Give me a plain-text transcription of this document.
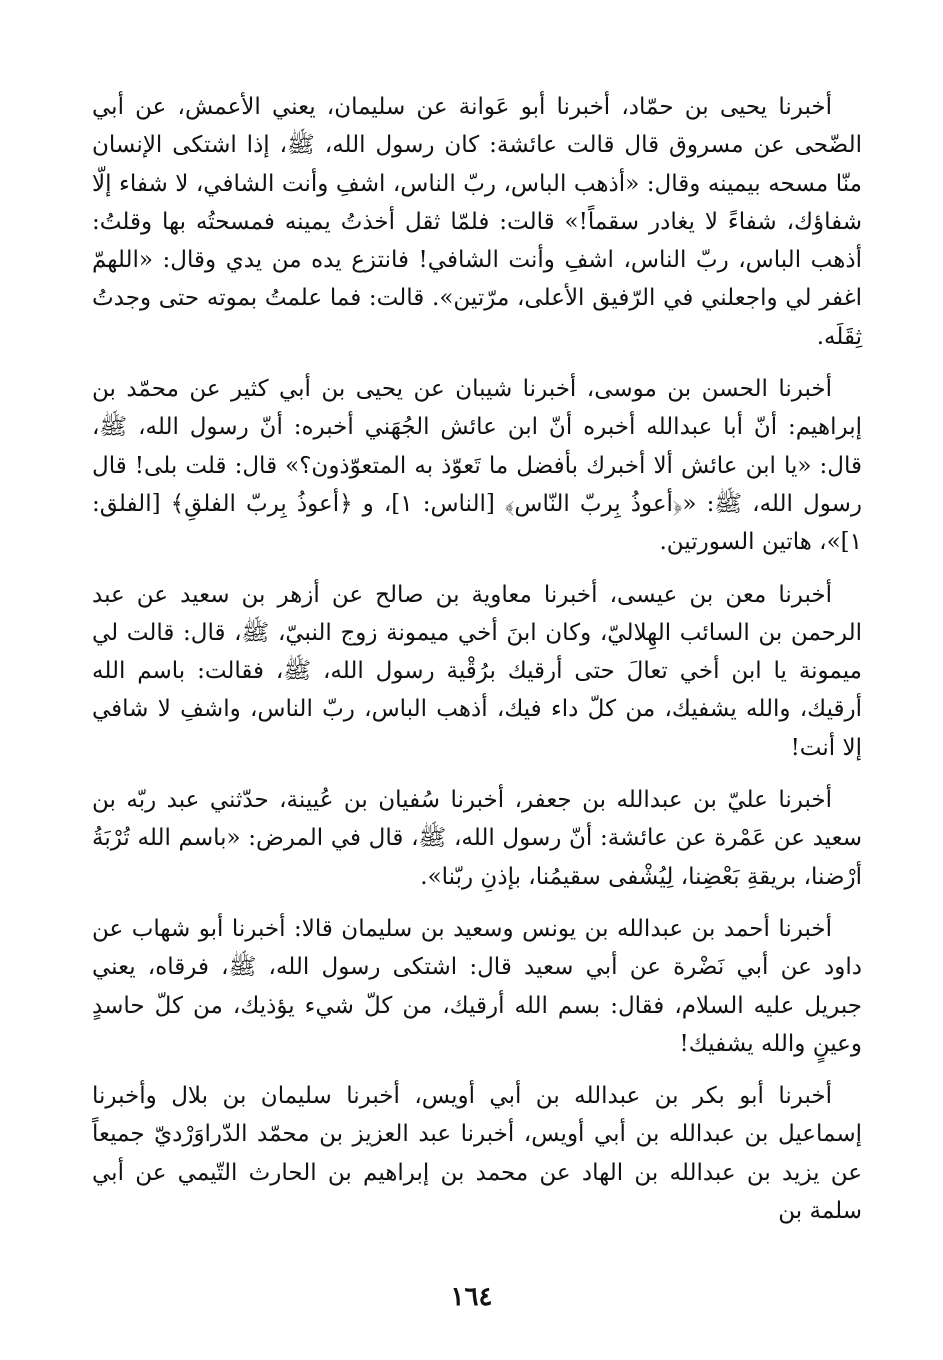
أخبرنا يحيى بن حمّاد، أخبرنا أبو عَوانة عن سليمان، يعني الأعمش، عن أبي الضّحى عن مسروق قال قالت عائشة: كان رسول الله، ﷺ، إذا اشتكى الإنسان منّا مسحه بيمينه وقال: «أذهب الباس، ربّ الناس، اشفِ وأنت الشافي، لا شفاء إلّا شفاؤك، شفاءً لا يغادر سقماً!» قالت: فلمّا ثقل أخذتُ يمينه فمسحتُه بها وقلتُ: أذهب الباس، ربّ الناس، اشفِ وأنت الشافي! فانتزع يده من يدي وقال: «اللهمّ اغفر لي واجعلني في الرّفيق الأعلى، مرّتين». قالت: فما علمتُ بموته حتى وجدتُ ثِقَلَه.

أخبرنا الحسن بن موسى، أخبرنا شيبان عن يحيى بن أبي كثير عن محمّد بن إبراهيم: أنّ أبا عبدالله أخبره أنّ ابن عائش الجُهَني أخبره: أنّ رسول الله، ﷺ، قال: «يا ابن عائش ألا أخبرك بأفضل ما تَعوّذ به المتعوّذون؟» قال: قلت بلى! قال رسول الله، ﷺ: «﴿أعوذُ بِربّ النّاس﴾ [الناس: ١]، و ﴿أعوذُ بِربّ الفلقِ﴾ [الفلق: ١]»، هاتين السورتين.

أخبرنا معن بن عيسى، أخبرنا معاوية بن صالح عن أزهر بن سعيد عن عبد الرحمن بن السائب الهِلاليّ، وكان ابنَ أخي ميمونة زوج النبيّ، ﷺ، قال: قالت لي ميمونة يا ابن أخي تعالَ حتى أرقيك برُقْية رسول الله، ﷺ، فقالت: باسم الله أرقيك، والله يشفيك، من كلّ داء فيك، أذهب الباس، ربّ الناس، واشفِ لا شافي إلا أنت!

أخبرنا عليّ بن عبدالله بن جعفر، أخبرنا سُفيان بن عُيينة، حدّثني عبد ربّه بن سعيد عن عَمْرة عن عائشة: أنّ رسول الله، ﷺ، قال في المرض: «باسم الله تُرْبَةُ أرْضنا، بريقةِ بَعْضِنا، لِيُشْفى سقيمُنا، بإذنِ ربّنا».

أخبرنا أحمد بن عبدالله بن يونس وسعيد بن سليمان قالا: أخبرنا أبو شهاب عن داود عن أبي نَضْرة عن أبي سعيد قال: اشتكى رسول الله، ﷺ، فرقاه، يعني جبريل عليه السلام، فقال: بسم الله أرقيك، من كلّ شيء يؤذيك، من كلّ حاسدٍ وعينٍ والله يشفيك!

أخبرنا أبو بكر بن عبدالله بن أبي أويس، أخبرنا سليمان بن بلال وأخبرنا إسماعيل بن عبدالله بن أبي أويس، أخبرنا عبد العزيز بن محمّد الدّراوَرْديّ جميعاً عن يزيد بن عبدالله بن الهاد عن محمد بن إبراهيم بن الحارث التّيمي عن أبي سلمة بن

١٦٤
